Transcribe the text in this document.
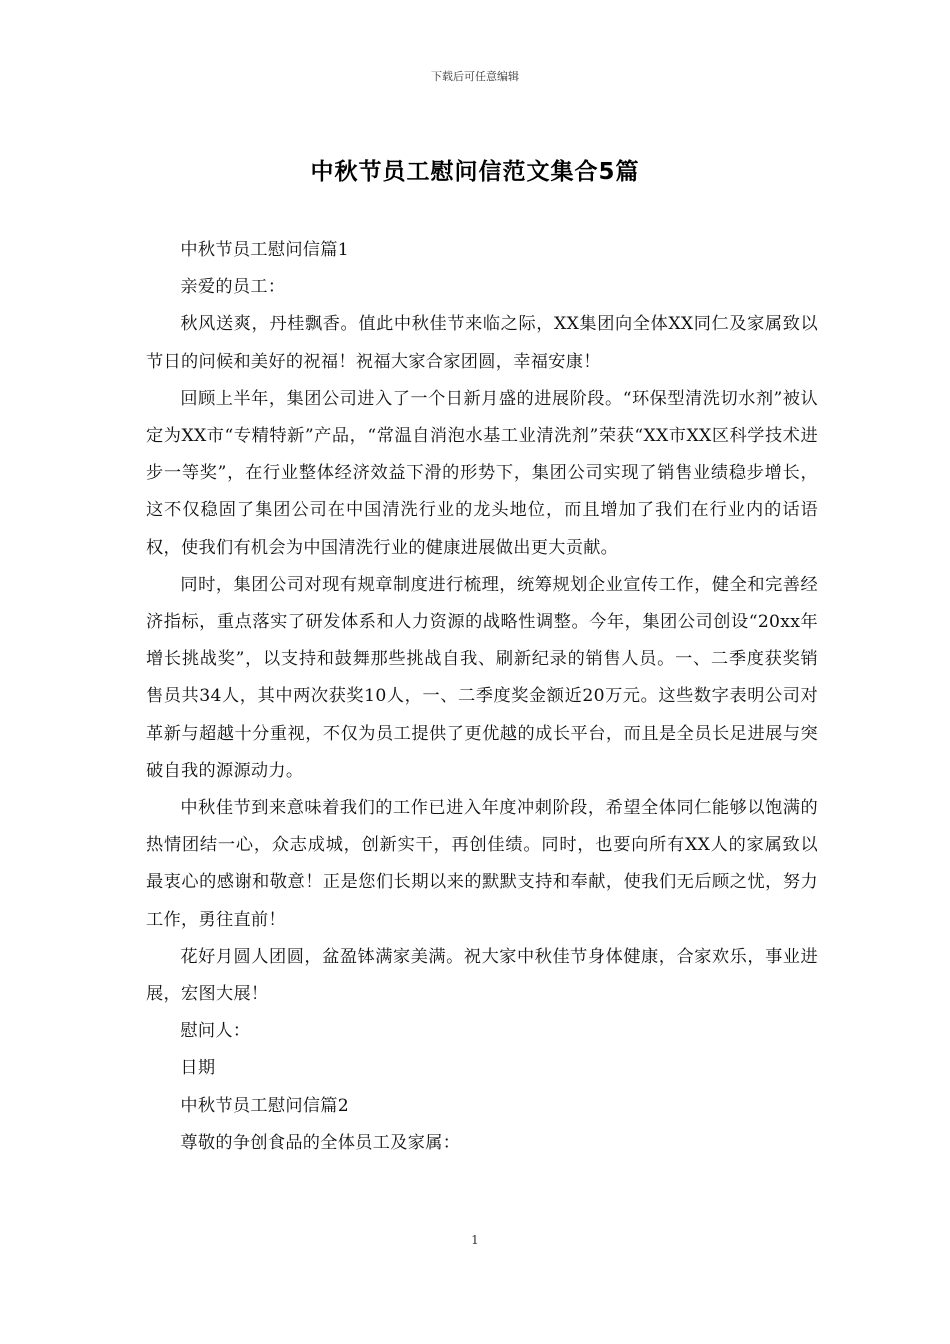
下载后可任意编辑
中秋节员工慰问信范文集合5篇

中秋节员工慰问信篇1

亲爱的员工：

秋风送爽，丹桂飘香。值此中秋佳节来临之际，XX集团向全体XX同仁及家属致以节日的问候和美好的祝福！祝福大家合家团圆，幸福安康！

回顾上半年，集团公司进入了一个日新月盛的进展阶段。“环保型清洗切水剂”被认定为XX市“专精特新”产品，“常温自消泡水基工业清洗剂”荣获“XX市XX区科学技术进步一等奖”，在行业整体经济效益下滑的形势下，集团公司实现了销售业绩稳步增长，这不仅稳固了集团公司在中国清洗行业的龙头地位，而且增加了我们在行业内的话语权，使我们有机会为中国清洗行业的健康进展做出更大贡献。

同时，集团公司对现有规章制度进行梳理，统筹规划企业宣传工作，健全和完善经济指标，重点落实了研发体系和人力资源的战略性调整。今年，集团公司创设“20xx年增长挑战奖”，以支持和鼓舞那些挑战自我、刷新纪录的销售人员。一、二季度获奖销售员共34人，其中两次获奖10人，一、二季度奖金额近20万元。这些数字表明公司对革新与超越十分重视，不仅为员工提供了更优越的成长平台，而且是全员长足进展与突破自我的源源动力。

中秋佳节到来意味着我们的工作已进入年度冲刺阶段，希望全体同仁能够以饱满的热情团结一心，众志成城，创新实干，再创佳绩。同时，也要向所有XX人的家属致以最衷心的感谢和敬意！正是您们长期以来的默默支持和奉献，使我们无后顾之忧，努力工作，勇往直前！

花好月圆人团圆，盆盈钵满家美满。祝大家中秋佳节身体健康，合家欢乐，事业进展，宏图大展！

慰问人：

日期

中秋节员工慰问信篇2

尊敬的争创食品的全体员工及家属：

1
